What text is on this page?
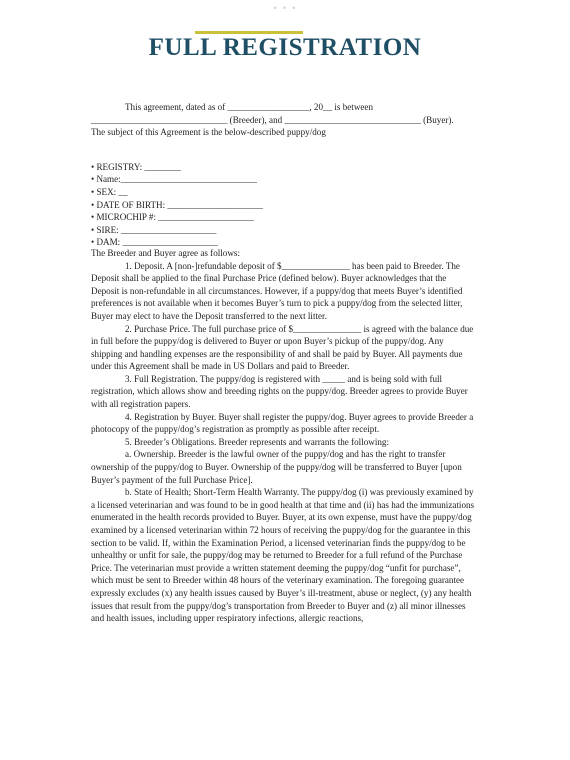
• • •
FULL REGISTRATION

This agreement, dated as of __________________, 20__ is between

______________________________ (Breeder), and ______________________________ (Buyer).

The subject of this Agreement is the below-described puppy/dog

• REGISTRY: ________

• Name:______________________________

• SEX: __

• DATE OF BIRTH: _____________________

• MICROCHIP #: _____________________

• SIRE: _____________________

• DAM: _____________________

The Breeder and Buyer agree as follows:

1. Deposit. A [non-]refundable deposit of $_______________ has been paid to Breeder. The Deposit shall be applied to the final Purchase Price (defined below). Buyer acknowledges that the Deposit is non-refundable in all circumstances. However, if a puppy/dog that meets Buyer’s identified preferences is not available when it becomes Buyer’s turn to pick a puppy/dog from the selected litter, Buyer may elect to have the Deposit transferred to the next litter.

2. Purchase Price. The full purchase price of $_______________ is agreed with the balance due in full before the puppy/dog is delivered to Buyer or upon Buyer’s pickup of the puppy/dog. Any shipping and handling expenses are the responsibility of and shall be paid by Buyer. All payments due under this Agreement shall be made in US Dollars and paid to Breeder.

3. Full Registration. The puppy/dog is registered with _____ and is being sold with full registration, which allows show and breeding rights on the puppy/dog. Breeder agrees to provide Buyer with all registration papers.

4. Registration by Buyer. Buyer shall register the puppy/dog. Buyer agrees to provide Breeder a photocopy of the puppy/dog’s registration as promptly as possible after receipt.

5. Breeder’s Obligations. Breeder represents and warrants the following:

a. Ownership. Breeder is the lawful owner of the puppy/dog and has the right to transfer ownership of the puppy/dog to Buyer. Ownership of the puppy/dog will be transferred to Buyer [upon Buyer’s payment of the full Purchase Price].

b. State of Health; Short-Term Health Warranty. The puppy/dog (i) was previously examined by a licensed veterinarian and was found to be in good health at that time and (ii) has had the immunizations enumerated in the health records provided to Buyer. Buyer, at its own expense, must have the puppy/dog examined by a licensed veterinarian within 72 hours of receiving the puppy/dog for the guarantee in this section to be valid. If, within the Examination Period, a licensed veterinarian finds the puppy/dog to be unhealthy or unfit for sale, the puppy/dog may be returned to Breeder for a full refund of the Purchase Price. The veterinarian must provide a written statement deeming the puppy/dog “unfit for purchase”, which must be sent to Breeder within 48 hours of the veterinary examination. The foregoing guarantee expressly excludes (x) any health issues caused by Buyer’s ill-treatment, abuse or neglect, (y) any health issues that result from the puppy/dog’s transportation from Breeder to Buyer and (z) all minor illnesses and health issues, including upper respiratory infections, allergic reactions,
